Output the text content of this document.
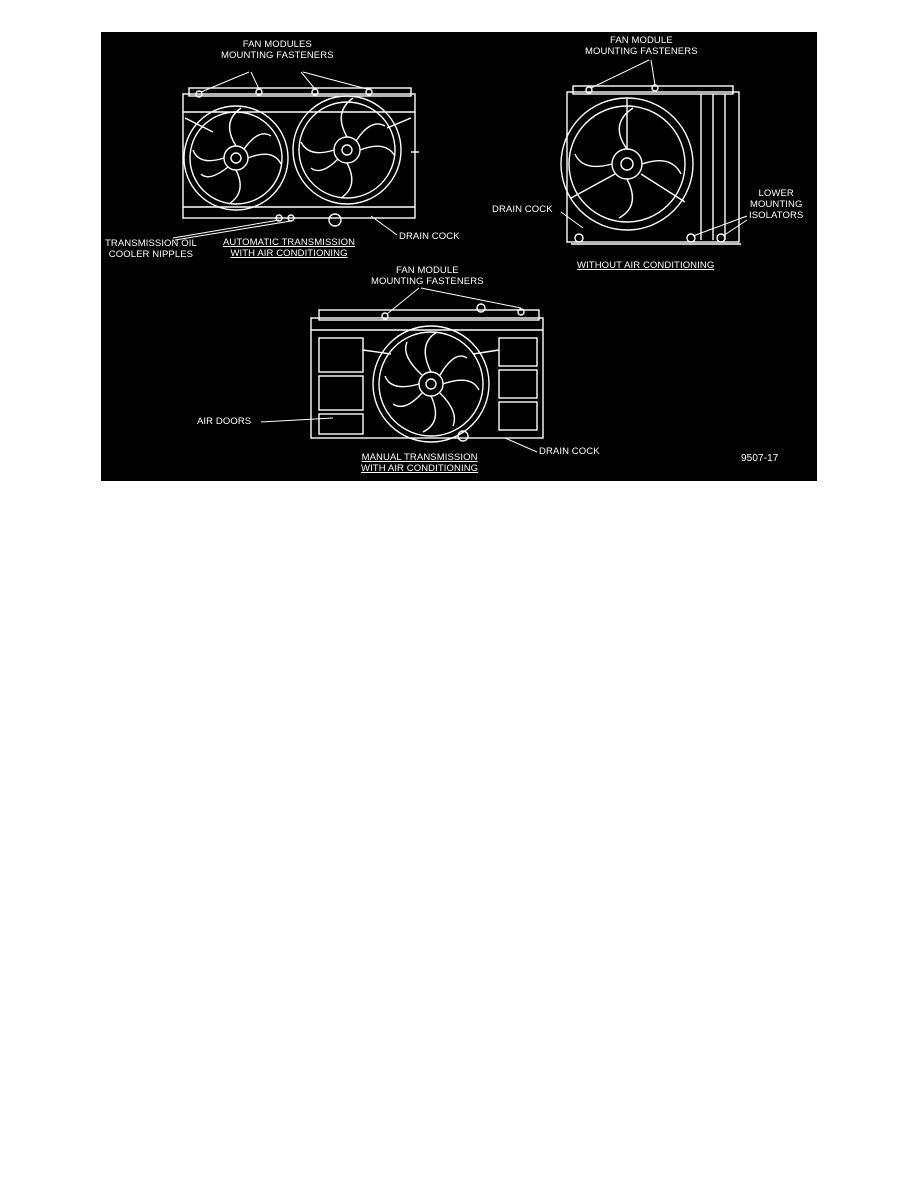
FAN MODULES
MOUNTING FASTENERS
TRANSMISSION OIL
COOLER NIPPLES
AUTOMATIC TRANSMISSION
WITH AIR CONDITIONING
DRAIN COCK
FAN MODULE
MOUNTING FASTENERS
DRAIN COCK
LOWER
MOUNTING
ISOLATORS
WITHOUT AIR CONDITIONING
FAN MODULE
MOUNTING FASTENERS
AIR DOORS
DRAIN COCK
MANUAL TRANSMISSION
WITH AIR CONDITIONING
9507-17
